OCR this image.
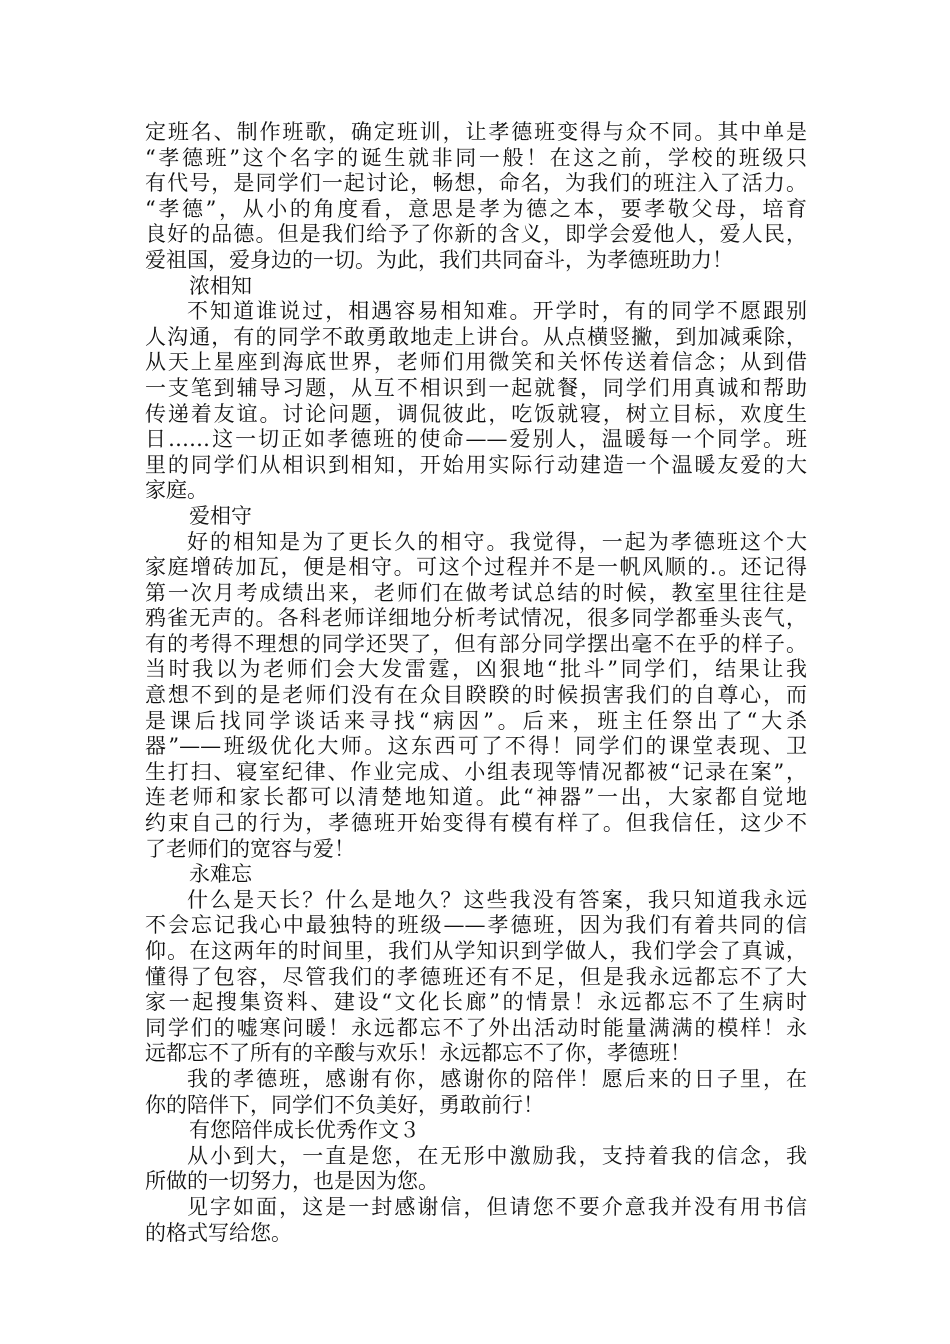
定班名、制作班歌，确定班训，让孝德班变得与众不同。其中单是
“孝德班”这个名字的诞生就非同一般！在这之前，学校的班级只
有代号，是同学们一起讨论，畅想，命名，为我们的班注入了活力。
“孝德”，从小的角度看，意思是孝为德之本，要孝敬父母，培育
良好的品德。但是我们给予了你新的含义，即学会爱他人，爱人民，
爱祖国，爱身边的一切。为此，我们共同奋斗，为孝德班助力！
浓相知
不知道谁说过，相遇容易相知难。开学时，有的同学不愿跟别
人沟通，有的同学不敢勇敢地走上讲台。从点横竖撇，到加减乘除，
从天上星座到海底世界，老师们用微笑和关怀传送着信念；从到借
一支笔到辅导习题，从互不相识到一起就餐，同学们用真诚和帮助
传递着友谊。讨论问题，调侃彼此，吃饭就寝，树立目标，欢度生
日……这一切正如孝德班的使命——爱别人，温暖每一个同学。班
里的同学们从相识到相知，开始用实际行动建造一个温暖友爱的大
家庭。
爱相守
好的相知是为了更长久的相守。我觉得，一起为孝德班这个大
家庭增砖加瓦，便是相守。可这个过程并不是一帆风顺的.。还记得
第一次月考成绩出来，老师们在做考试总结的时候，教室里往往是
鸦雀无声的。各科老师详细地分析考试情况，很多同学都垂头丧气，
有的考得不理想的同学还哭了，但有部分同学摆出毫不在乎的样子。
当时我以为老师们会大发雷霆，凶狠地“批斗”同学们，结果让我
意想不到的是老师们没有在众目睽睽的时候损害我们的自尊心，而
是课后找同学谈话来寻找“病因”。后来，班主任祭出了“大杀
器”——班级优化大师。这东西可了不得！同学们的课堂表现、卫
生打扫、寝室纪律、作业完成、小组表现等情况都被“记录在案”，
连老师和家长都可以清楚地知道。此“神器”一出，大家都自觉地
约束自己的行为，孝德班开始变得有模有样了。但我信任，这少不
了老师们的宽容与爱！
永难忘
什么是天长？什么是地久？这些我没有答案，我只知道我永远
不会忘记我心中最独特的班级——孝德班，因为我们有着共同的信
仰。在这两年的时间里，我们从学知识到学做人，我们学会了真诚，
懂得了包容，尽管我们的孝德班还有不足，但是我永远都忘不了大
家一起搜集资料、建设“文化长廊”的情景！永远都忘不了生病时
同学们的嘘寒问暖！永远都忘不了外出活动时能量满满的模样！永
远都忘不了所有的辛酸与欢乐！永远都忘不了你，孝德班！
我的孝德班，感谢有你，感谢你的陪伴！愿后来的日子里，在
你的陪伴下，同学们不负美好，勇敢前行！
有您陪伴成长优秀作文３
从小到大，一直是您，在无形中激励我，支持着我的信念，我
所做的一切努力，也是因为您。
见字如面，这是一封感谢信，但请您不要介意我并没有用书信
的格式写给您。
